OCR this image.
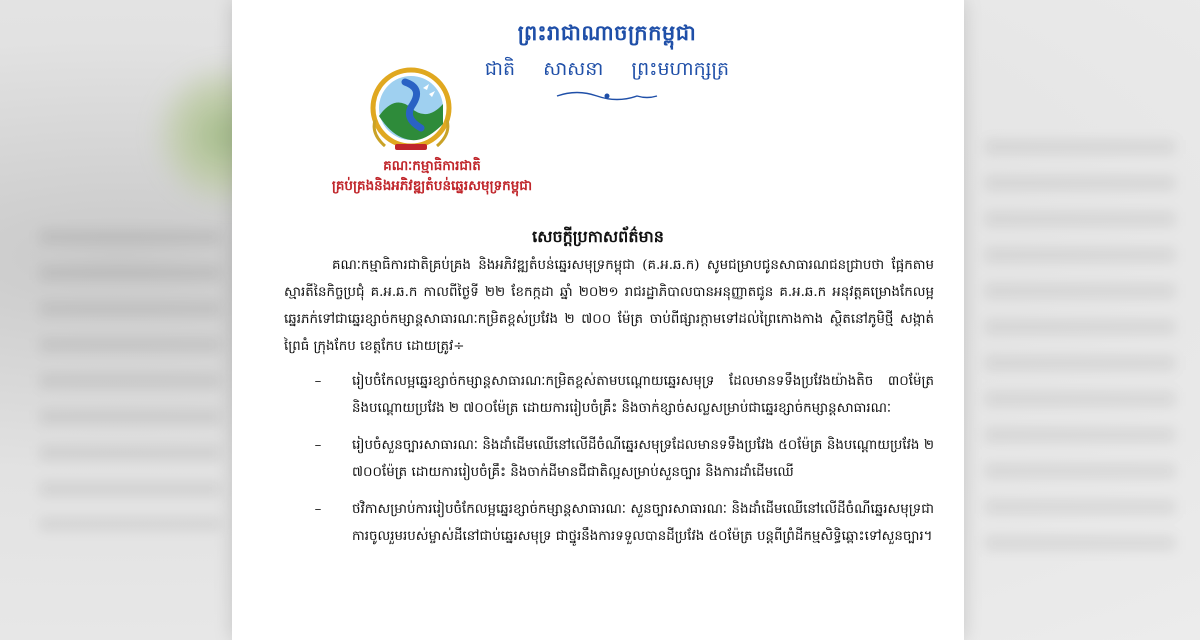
ព្រះរាជាណាចក្រកម្ពុជា
ជាតិ សាសនា ព្រះមហាក្សត្រ
គណៈកម្មាធិការជាតិ
គ្រប់គ្រងនិងអភិវឌ្ឍតំបន់ឆ្នេរសមុទ្រកម្ពុជា
សេចក្តីប្រកាសព័ត៌មាន
គណៈកម្មាធិការជាតិគ្រប់គ្រង និងអភិវឌ្ឍតំបន់ឆ្នេរសមុទ្រកម្ពុជា (គ.អ.ឆ.ក) សូមជម្រាបជូនសាធារណជនជ្រាបថា ផ្អែកតាមស្មារតីនៃកិច្ចប្រជុំ គ.អ.ឆ.ក កាលពីថ្ងៃទី ២២ ខែកក្កដា ឆ្នាំ ២០២១ រាជរដ្ឋាភិបាលបានអនុញ្ញាតជូន គ.អ.ឆ.ក អនុវត្តគម្រោងកែលម្អឆ្នេរភក់ទៅជាឆ្នេរខ្សាច់កម្សាន្តសាធារណៈកម្រិតខ្ពស់ប្រវែង ២ ៧០០ ម៉ែត្រ ចាប់ពីផ្សារក្តាមទៅដល់ព្រៃកោងកាង ស្ថិតនៅភូមិថ្មី សង្កាត់ព្រៃធំ ក្រុងកែប ខេត្តកែប ដោយត្រូវ÷
–	រៀបចំកែលម្អឆ្នេរខ្សាច់កម្សាន្តសាធារណៈកម្រិតខ្ពស់តាមបណ្តោយឆ្នេរសមុទ្រ ដែលមានទទឹងប្រវែងយ៉ាងតិច ៣០ម៉ែត្រ និងបណ្តោយប្រវែង ២ ៧០០ម៉ែត្រ ដោយការរៀបចំគ្រឹះ និងចាក់ខ្សាច់សល្លសម្រាប់ជាឆ្នេរខ្សាច់កម្សាន្តសាធារណៈ
–	រៀបចំសួនច្បារសាធារណៈ និងដាំដើមឈើនៅលើដីចំណីឆ្នេរសមុទ្រដែលមានទទឹងប្រវែង ៥០ម៉ែត្រ និងបណ្តោយប្រវែង ២ ៧០០ម៉ែត្រ ដោយការរៀបចំគ្រឹះ និងចាក់ដីមានជីជាតិល្អសម្រាប់សួនច្បារ និងការដាំដើមឈើ
–	ថវិកាសម្រាប់ការរៀបចំកែលម្អឆ្នេរខ្សាច់កម្សាន្តសាធារណៈ សួនច្បារសាធារណៈ និងដាំដើមឈើនៅលើដីចំណីឆ្នេរសមុទ្រជាការចូលរួមរបស់ម្ចាស់ដីនៅជាប់ឆ្នេរសមុទ្រ ជាថ្នូរនឹងការទទួលបានដីប្រវែង ៥០ម៉ែត្រ បន្តពីព្រំដីកម្មសិទ្ធិឆ្ពោះទៅសួនច្បារ។
